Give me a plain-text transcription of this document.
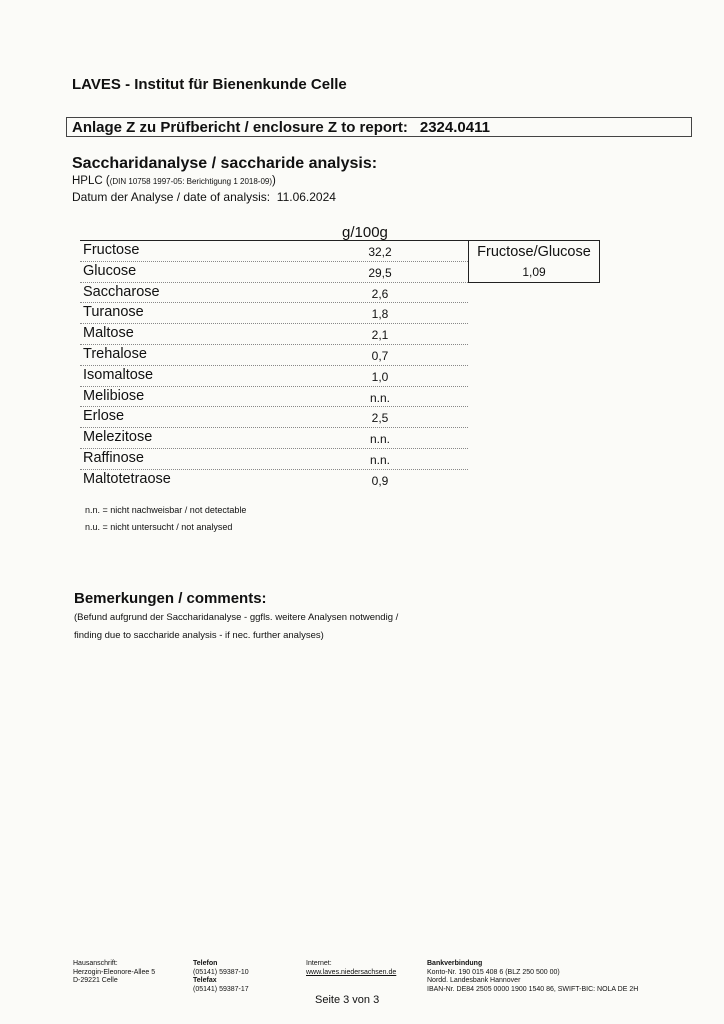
LAVES - Institut für Bienenkunde Celle
Anlage Z zu Prüfbericht / enclosure Z to report: 2324.0411
Saccharidanalyse / saccharide analysis:
HPLC ((DIN 10758 1997-05: Berichtigung 1 2018-09))
Datum der Analyse / date of analysis: 11.06.2024
g/100g
Fructose	32,2
Glucose	29,5
Saccharose	2,6
Turanose	1,8
Maltose	2,1
Trehalose	0,7
Isomaltose	1,0
Melibiose	n.n.
Erlose	2,5
Melezitose	n.n.
Raffinose	n.n.
Maltotetraose	0,9
Fructose/Glucose
1,09
n.n. = nicht nachweisbar / not detectable
n.u. = nicht untersucht / not analysed
Bemerkungen / comments:
(Befund aufgrund der Saccharidanalyse - ggfls. weitere Analysen notwendig /
finding due to saccharide analysis - if nec. further analyses)
Hausanschrift:
Herzogin-Eleonore-Allee 5
D-29221 Celle
Telefon
(05141) 59387-10
Telefax
(05141) 59387-17
Internet:
www.laves.niedersachsen.de
Bankverbindung
Konto-Nr. 190 015 408 6 (BLZ 250 500 00)
Nordd. Landesbank Hannover
IBAN-Nr. DE84 2505 0000 1900 1540 86, SWIFT-BIC: NOLA DE 2H
Seite 3 von 3
